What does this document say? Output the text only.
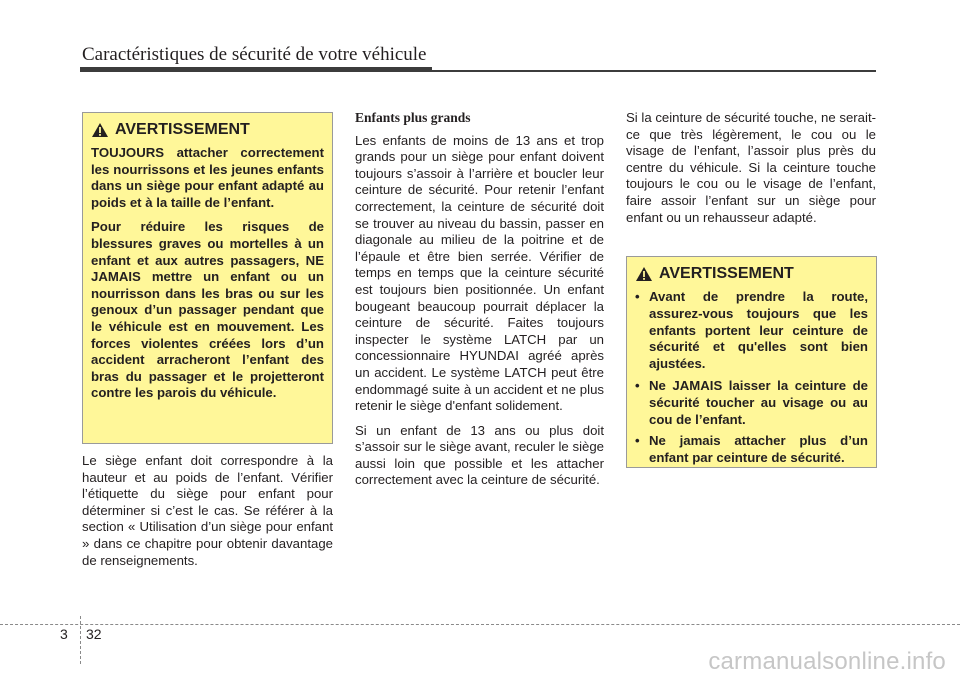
Caractéristiques de sécurité de votre véhicule
AVERTISSEMENT

TOUJOURS attacher correctement les nourrissons et les jeunes enfants dans un siège pour enfant adapté au poids et à la taille de l’enfant.

Pour réduire les risques de blessures graves ou mortelles à un enfant et aux autres passagers, NE JAMAIS mettre un enfant ou un nourrisson dans les bras ou sur les genoux d’un passager pendant que le véhicule est en mouvement. Les forces violentes créées lors d’un accident arracheront l’enfant des bras du passager et le projetteront contre les parois du véhicule.

Le siège enfant doit correspondre à la hauteur et au poids de l’enfant. Vérifier l’étiquette du siège pour enfant pour déterminer si c’est le cas. Se référer à la section « Utilisation d’un siège pour enfant » dans ce chapitre pour obtenir davantage de renseignements.

Enfants plus grands

Les enfants de moins de 13 ans et trop grands pour un siège pour enfant doivent toujours s’assoir à l’arrière et boucler leur ceinture de sécurité. Pour retenir l’enfant correctement, la ceinture de sécurité doit se trouver au niveau du bassin, passer en diagonale au milieu de la poitrine et de l’épaule et être bien serrée. Vérifier de temps en temps que la ceinture sécurité est toujours bien positionnée. Un enfant bougeant beaucoup pourrait déplacer la ceinture de sécurité. Faites toujours inspecter le système LATCH par un concessionnaire HYUNDAI agréé après un accident. Le système LATCH peut être endommagé suite à un accident et ne plus retenir le siège d'enfant solidement.

Si un enfant de 13 ans ou plus doit s’assoir sur le siège avant, reculer le siège aussi loin que possible et les attacher correctement avec la ceinture de sécurité.

Si la ceinture de sécurité touche, ne serait-ce que très légèrement, le cou ou le visage de l’enfant, l’assoir plus près du centre du véhicule. Si la ceinture touche toujours le cou ou le visage de l’enfant, faire assoir l’enfant sur un siège pour enfant ou un rehausseur adapté.

AVERTISSEMENT
• Avant de prendre la route, assurez-vous toujours que les enfants portent leur ceinture de sécurité et qu'elles sont bien ajustées.
• Ne JAMAIS laisser la ceinture de sécurité toucher au visage ou au cou de l’enfant.
• Ne jamais attacher plus d’un enfant par ceinture de sécurité.
3 32
carmanualsonline.info
